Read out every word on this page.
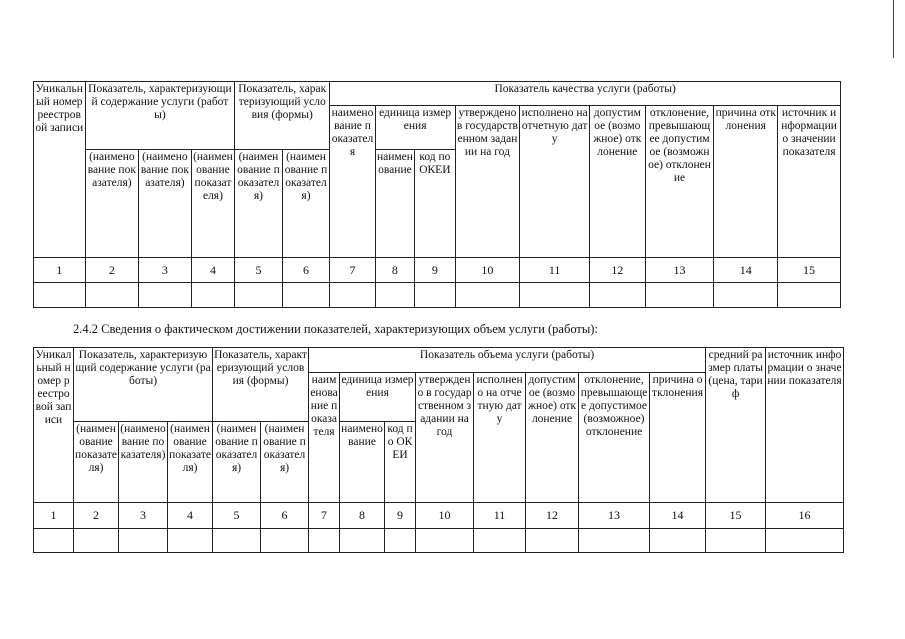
Уникальный номер реестровой записи	Показатель, характеризующий содержание услуги (работы)			Показатель, характеризующий условия (формы)		Показатель качества услуги (работы)								
						наименование показателя	единица измерения		утверждено в государственном задании на год	исполнено на отчетную дату	допустимое (возможное) отклонение	отклонение, превышающее допустимое (возможное) отклонение	причина отклонения	источник информации о значении показателя
	(наименование показателя)	(наименование показателя)	(наименование показателя)	(наименование показателя)	(наименование показателя)		наименование	код по ОКЕИ						
1	2	3	4	5	6	7	8	9	10	11	12	13	14	15

2.4.2 Сведения о фактическом достижении показателей, характеризующих объем услуги (работы):
Уникальный номер реестровой записи	Показатель, характеризующий содержание услуги (работы)			Показатель, характеризующий условия (формы)		Показатель объема услуги (работы)								средний размер платы (цена, тариф	источник информации о значении показателя
						наименование показателя	единица измерения		утверждено в государственном задании на год	исполнено на отчетную дату	допустимое (возможное) отклонение	отклонение, превышающее допустимое (возможное) отклонение	причина отклонения		
	(наименование показателя)	(наименование показателя)	(наименование показателя)	(наименование показателя)	(наименование показателя)		наименование	код по ОКЕИ							
1	2	3	4	5	6	7	8	9	10	11	12	13	14	15	16
